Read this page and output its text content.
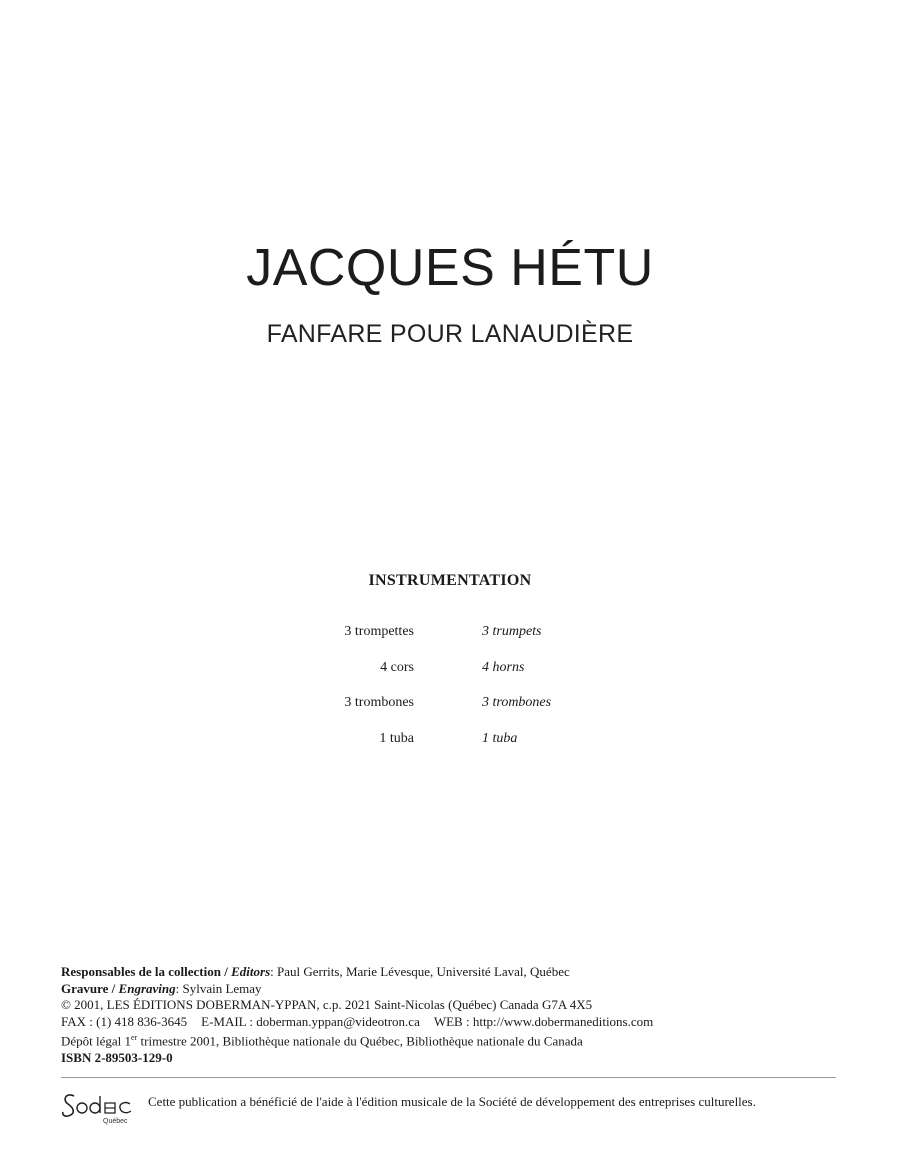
JACQUES HÉTU
FANFARE POUR LANAUDIÈRE
INSTRUMENTATION
3 trompettes	3 trumpets
4 cors	4 horns
3 trombones	3 trombones
1 tuba	1 tuba
Responsables de la collection / Editors: Paul Gerrits, Marie Lévesque, Université Laval, Québec
Gravure / Engraving: Sylvain Lemay
© 2001, LES ÉDITIONS DOBERMAN-YPPAN, c.p. 2021 Saint-Nicolas (Québec) Canada G7A 4X5
FAX : (1) 418 836-3645 E-MAIL : doberman.yppan@videotron.ca WEB : http://www.dobermaneditions.com
Dépôt légal 1er trimestre 2001, Bibliothèque nationale du Québec, Bibliothèque nationale du Canada
ISBN 2-89503-129-0
Québec
Cette publication a bénéficié de l'aide à l'édition musicale de la Société de développement des entreprises culturelles.
